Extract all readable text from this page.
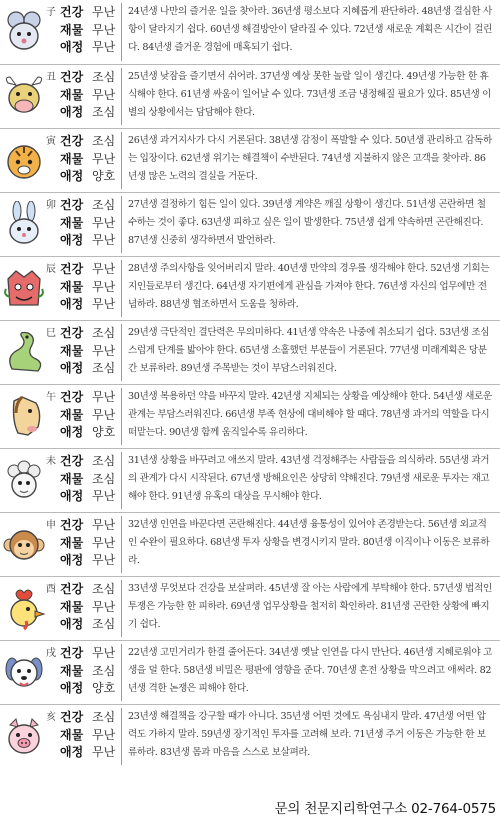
子 건강 무난
재물 무난
애정 무난
24년생 나만의 즐거운 일을 찾아라. 36년생 평소보다 지혜롭게 판단하라. 48년생 결심한 사항이 달라지기 쉽다. 60년생 해결방안이 달라질 수 있다. 72년생 새로운 계획은 시간이 걸린다. 84년생 즐거운 경험에 매혹되기 쉽다.
丑 건강 조심
재물 무난
애정 조심
25년생 낮잠을 즐기면서 쉬어라. 37년생 예상 못한 놀랄 일이 생긴다. 49년생 가능한 한 휴식해야 한다. 61년생 싸움이 일어날 수 있다. 73년생 조금 냉정해질 필요가 있다. 85년생 이별의 상황에서는 담담해야 한다.
寅 건강 조심
재물 무난
애정 양호
26년생 과거지사가 다시 거론된다. 38년생 감정이 폭발할 수 있다. 50년생 관리하고 감독하는 입장이다. 62년생 위기는 해결책이 수반된다. 74년생 지불하지 않은 고객을 찾아라. 86년생 많은 노력의 결실을 거둔다.
卯 건강 조심
재물 무난
애정 무난
27년생 결정하기 힘든 일이 있다. 39년생 계약은 깨질 상황이 생긴다. 51년생 곤란하면 철수하는 것이 좋다. 63년생 피하고 싶은 일이 발생한다. 75년생 쉽게 약속하면 곤란해진다. 87년생 신중히 생각하면서 발언하라.
辰 건강 무난
재물 무난
애정 무난
28년생 주의사항을 잊어버리지 말라. 40년생 만약의 경우를 생각해야 한다. 52년생 기회는 지인들로부터 생긴다. 64년생 자기편에게 관심을 가져야 한다. 76년생 자신의 업무에만 전념하라. 88년생 협조하면서 도움을 청하라.
巳 건강 조심
재물 무난
애정 조심
29년생 극단적인 결단력은 무의미하다. 41년생 약속은 나중에 취소되기 쉽다. 53년생 조심스럽게 단계를 밟아야 한다. 65년생 소홀했던 부분들이 거론된다. 77년생 미래계획은 당분간 보류하라. 89년생 주목받는 것이 부담스러워진다.
午 건강 무난
재물 무난
애정 양호
30년생 복용하던 약을 바꾸지 말라. 42년생 지체되는 상황을 예상해야 한다. 54년생 새로운 관계는 부담스러워진다. 66년생 부족 현상에 대비해야 할 때다. 78년생 과거의 역할을 다시 떠맡는다. 90년생 함께 움직일수록 유리하다.
未 건강 조심
재물 조심
애정 무난
31년생 상황을 바꾸려고 애쓰지 말라. 43년생 걱정해주는 사람들을 의식하라. 55년생 과거의 관계가 다시 시작된다. 67년생 방해요인은 상당히 약해진다. 79년생 새로운 투자는 재고해야 한다. 91년생 유혹의 대상을 무시해야 한다.
申 건강 무난
재물 무난
애정 무난
32년생 인연을 바꾼다면 곤란해진다. 44년생 융통성이 있어야 존경받는다. 56년생 외교적인 수완이 필요하다. 68년생 투자 상황을 변경시키지 말라. 80년생 이직이나 이동은 보류하라.
酉 건강 조심
재물 무난
애정 조심
33년생 무엇보다 건강을 보살펴라. 45년생 잘 아는 사람에게 부탁해야 한다. 57년생 법적인 투쟁은 가능한 한 피하라. 69년생 업무상황을 철저히 확인하라. 81년생 곤란한 상황에 빠지기 쉽다.
戌 건강 무난
재물 조심
애정 양호
22년생 고민거리가 한결 줄어든다. 34년생 옛날 인연을 다시 만난다. 46년생 지혜로워야 고생을 덜 한다. 58년생 비밀은 평판에 영향을 준다. 70년생 혼전 상황을 막으려고 애써라. 82년생 격한 논쟁은 피해야 한다.
亥 건강 조심
재물 무난
애정 무난
23년생 해결책을 강구할 때가 아니다. 35년생 어떤 것에도 욕심내지 말라. 47년생 어떤 압력도 가하지 말라. 59년생 장기적인 투자를 고려해 보라. 71년생 주거 이동은 가능한 한 보류하라. 83년생 몸과 마음을 스스로 보살펴라.
문의 천문지리학연구소 02-764-0575
